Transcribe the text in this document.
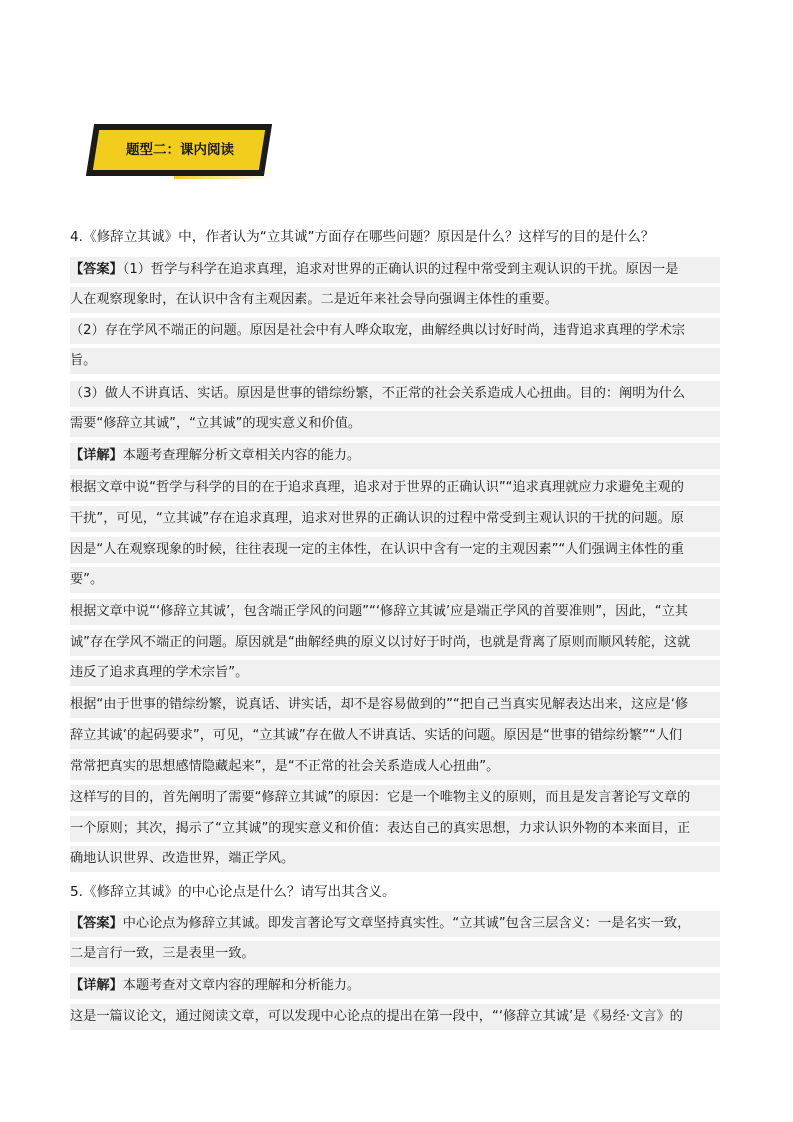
题型二：课内阅读
4.《修辞立其诚》中，作者认为“立其诚”方面存在哪些问题？原因是什么？这样写的目的是什么？
【答案】（1）哲学与科学在追求真理，追求对世界的正确认识的过程中常受到主观认识的干扰。原因一是
人在观察现象时，在认识中含有主观因素。二是近年来社会导向强调主体性的重要。
（2）存在学风不端正的问题。原因是社会中有人哗众取宠，曲解经典以讨好时尚，违背追求真理的学术宗
旨。
（3）做人不讲真话、实话。原因是世事的错综纷繁，不正常的社会关系造成人心扭曲。目的：阐明为什么
需要“修辞立其诚”，“立其诚”的现实意义和价值。
【详解】本题考查理解分析文章相关内容的能力。
根据文章中说“哲学与科学的目的在于追求真理，追求对于世界的正确认识”“追求真理就应力求避免主观的
干扰”，可见，“立其诚”存在追求真理，追求对世界的正确认识的过程中常受到主观认识的干扰的问题。原
因是“人在观察现象的时候，往往表现一定的主体性，在认识中含有一定的主观因素”“人们强调主体性的重
要”。
根据文章中说“‘修辞立其诚’，包含端正学风的问题”“‘修辞立其诚’应是端正学风的首要准则”，因此，“立其
诚”存在学风不端正的问题。原因就是“曲解经典的原义以讨好于时尚，也就是背离了原则而顺风转舵，这就
违反了追求真理的学术宗旨”。
根据“由于世事的错综纷繁，说真话、讲实话，却不是容易做到的”“把自己当真实见解表达出来，这应是‘修
辞立其诚’的起码要求”，可见，“立其诚”存在做人不讲真话、实话的问题。原因是“世事的错综纷繁”“人们
常常把真实的思想感情隐藏起来”，是“不正常的社会关系造成人心扭曲”。
这样写的目的，首先阐明了需要“修辞立其诚”的原因：它是一个唯物主义的原则，而且是发言著论写文章的
一个原则；其次，揭示了“立其诚”的现实意义和价值：表达自己的真实思想，力求认识外物的本来面目，正
确地认识世界、改造世界，端正学风。
5.《修辞立其诚》的中心论点是什么？请写出其含义。
【答案】中心论点为修辞立其诚。即发言著论写文章坚持真实性。“立其诚”包含三层含义：一是名实一致，
二是言行一致，三是表里一致。
【详解】本题考查对文章内容的理解和分析能力。
这是一篇议论文，通过阅读文章，可以发现中心论点的提出在第一段中，“‘修辞立其诚’是《易经·文言》的
